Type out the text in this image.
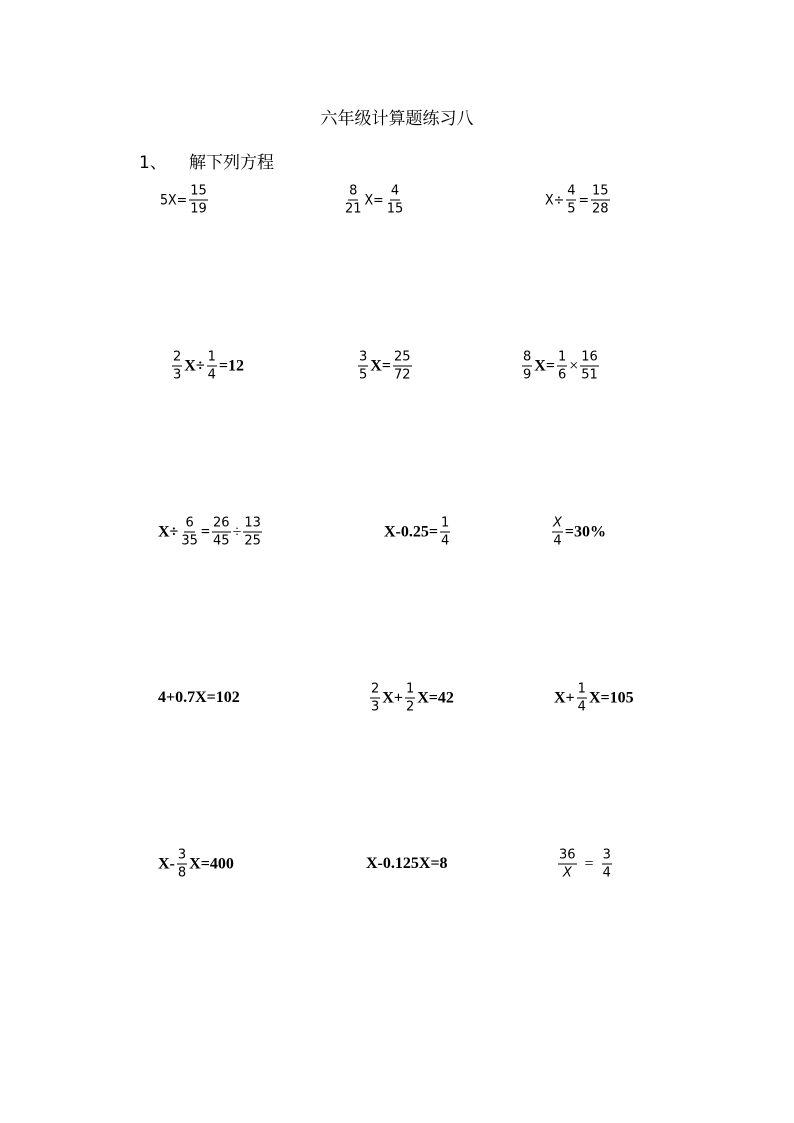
六年级计算题练习八
1、 解下列方程
$5X= \frac{15}{19}$	$\frac{8}{21} X= \frac{4}{15}$	$X\div \frac{4}{5} = \frac{15}{28}$
$\frac{2}{3} X\div \frac{1}{4} =12$	$\frac{3}{5} X= \frac{25}{72}$	$\frac{8}{9} X= \frac{1}{6} \times \frac{16}{51}$
$X\div \frac{6}{35} = \frac{26}{45} \div \frac{13}{25}$	$X-0.25= \frac{1}{4}$	$\frac{X}{4} =30\%$
4+0.7X=102	$\frac{2}{3} X+ \frac{1}{2} X=42$	$X+ \frac{1}{4} X=105$
$X- \frac{3}{8} X=400$	X-0.125X=8	$\frac{36}{X} = \frac{3}{4}$
